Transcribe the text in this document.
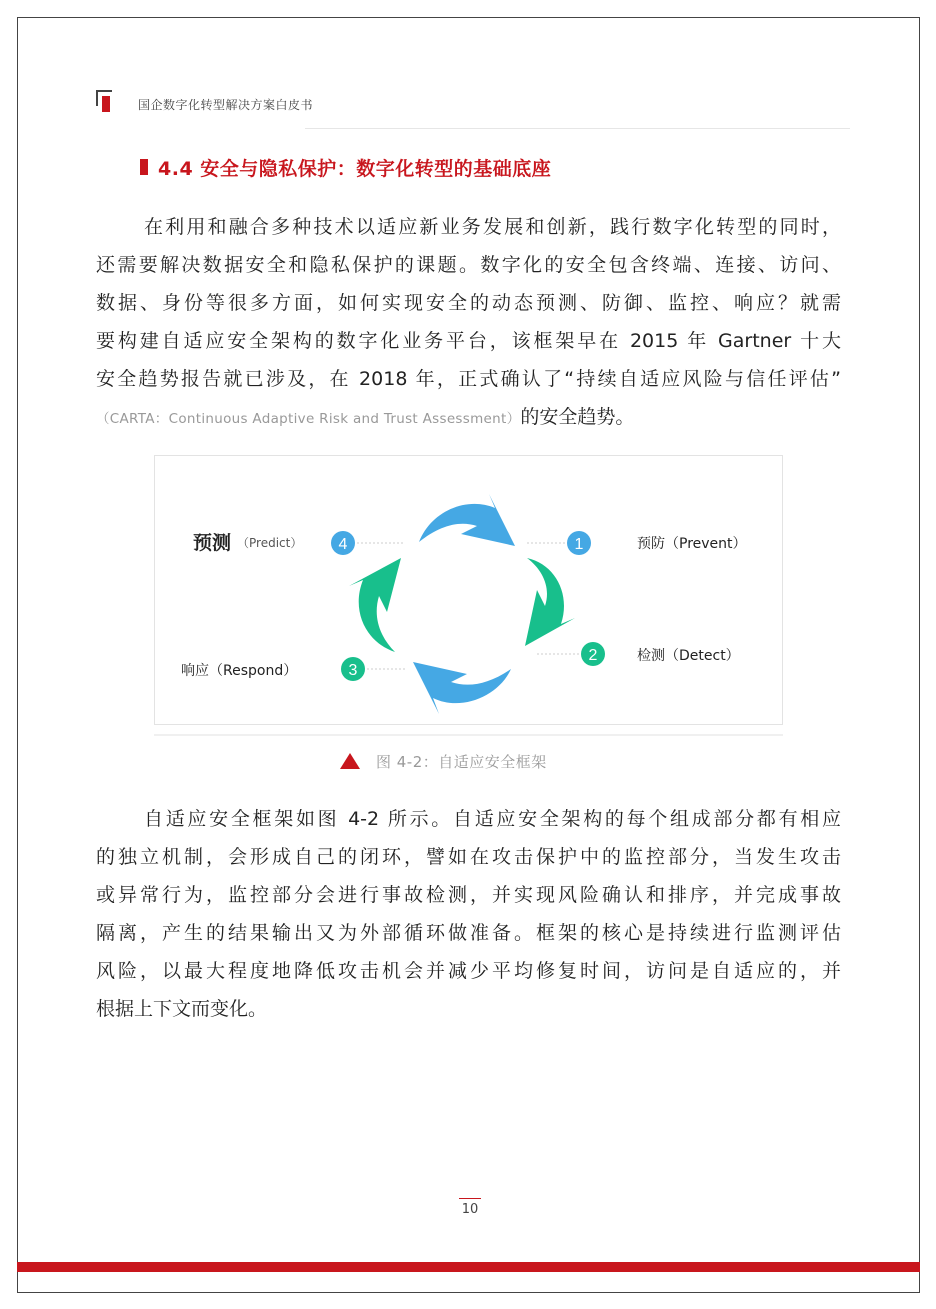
国企数字化转型解决方案白皮书
4.4 安全与隐私保护：数字化转型的基础底座
在利用和融合多种技术以适应新业务发展和创新，践行数字化转型的同时，
还需要解决数据安全和隐私保护的课题。数字化的安全包含终端、连接、访问、
数据、身份等很多方面，如何实现安全的动态预测、防御、监控、响应？就需
要构建自适应安全架构的数字化业务平台，该框架早在 2015 年 Gartner 十大
安全趋势报告就已涉及，在 2018 年，正式确认了“持续自适应风险与信任评估”
（CARTA：Continuous Adaptive Risk and Trust Assessment）的安全趋势。
4	1
2
3
预测 （Predict）	预防（Prevent）
检测（Detect）
响应（Respond）
图 4-2：自适应安全框架
自适应安全框架如图 4-2 所示。自适应安全架构的每个组成部分都有相应
的独立机制，会形成自己的闭环，譬如在攻击保护中的监控部分，当发生攻击
或异常行为，监控部分会进行事故检测，并实现风险确认和排序，并完成事故
隔离，产生的结果输出又为外部循环做准备。框架的核心是持续进行监测评估
风险，以最大程度地降低攻击机会并减少平均修复时间，访问是自适应的，并
根据上下文而变化。
10
